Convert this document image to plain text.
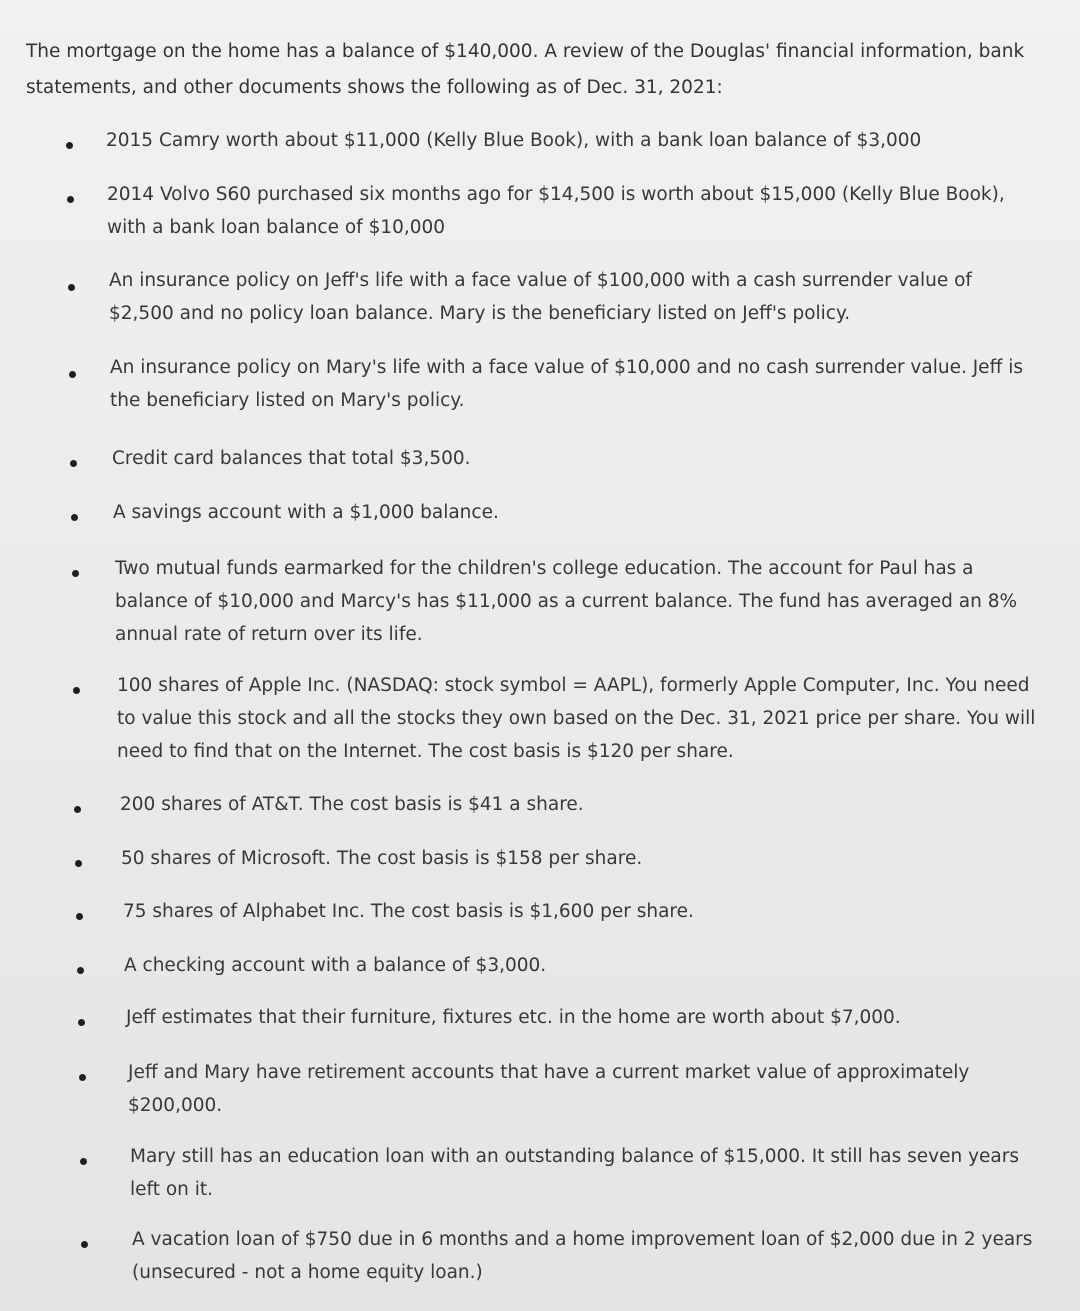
The mortgage on the home has a balance of $140,000. A review of the Douglas' financial information, bank statements, and other documents shows the following as of Dec. 31, 2021:
2015 Camry worth about $11,000 (Kelly Blue Book), with a bank loan balance of $3,000
2014 Volvo S60 purchased six months ago for $14,500 is worth about $15,000 (Kelly Blue Book), with a bank loan balance of $10,000
An insurance policy on Jeff's life with a face value of $100,000 with a cash surrender value of $2,500 and no policy loan balance. Mary is the beneficiary listed on Jeff's policy.
An insurance policy on Mary's life with a face value of $10,000 and no cash surrender value. Jeff is the beneficiary listed on Mary's policy.
Credit card balances that total $3,500.
A savings account with a $1,000 balance.
Two mutual funds earmarked for the children's college education. The account for Paul has a balance of $10,000 and Marcy's has $11,000 as a current balance. The fund has averaged an 8% annual rate of return over its life.
100 shares of Apple Inc. (NASDAQ: stock symbol = AAPL), formerly Apple Computer, Inc. You need to value this stock and all the stocks they own based on the Dec. 31, 2021 price per share. You will need to find that on the Internet. The cost basis is $120 per share.
200 shares of AT&T. The cost basis is $41 a share.
50 shares of Microsoft. The cost basis is $158 per share.
75 shares of Alphabet Inc. The cost basis is $1,600 per share.
A checking account with a balance of $3,000.
Jeff estimates that their furniture, fixtures etc. in the home are worth about $7,000.
Jeff and Mary have retirement accounts that have a current market value of approximately $200,000.
Mary still has an education loan with an outstanding balance of $15,000. It still has seven years left on it.
A vacation loan of $750 due in 6 months and a home improvement loan of $2,000 due in 2 years (unsecured - not a home equity loan.)
